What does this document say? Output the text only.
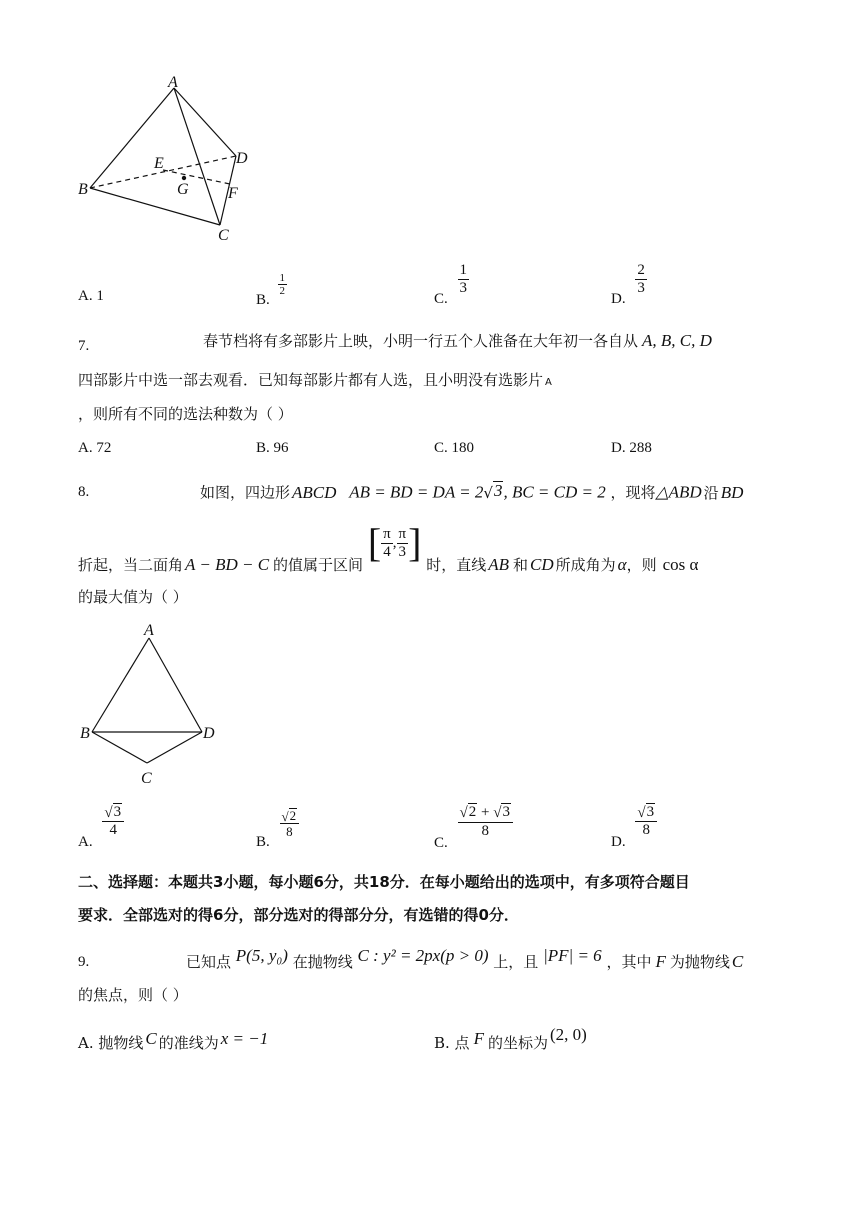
A
B
C
D
E
F
G
A. 1	B.
$\frac{1}{2}$
C.
$\frac{1}{3}$
D.
$\frac{2}{3}$
7.	春节档将有多部影片上映，小明一行五个人准备在大年初一各自从 A, B, C, D
四部影片中选一部去观看．已知每部影片都有人选，且小明没有选影片 A
，则所有不同的选法种数为（ ）
A. 72	B. 96	C. 180	D. 288
8.	如图，四边形 ABCD AB = BD = DA = 2 √ 3 , BC = CD = 2 ，现将△ABD 沿 BD
折起，当二面角 A − BD − C 的值属于区间 [ $\frac{\pi}{4}$ , $\frac{\pi}{3}$ ] 时，直线 AB 和 CD 所成角为 α，则 cos α
的最大值为（ ）
A
B
C
D
A.
$\frac{√ 3}{4}$
B.
$\frac{√ 2}{8}$
C.
$\frac{√ 2 + √ 3}{8}$
D.
$\frac{√ 3}{8}$
二、选择题：本题共3小题，每小题6分，共18分．在每小题给出的选项中，有多项符合题目
要求．全部选对的得6分，部分选对的得部分分，有选错的得0分．
9.	已知点 P(5, y₀) 在抛物线 C : y² = 2px(p > 0) 上，且 |PF| = 6 ，其中 F 为抛物线 C
的焦点，则（ ）
A. 抛物线 C 的准线为 x = −1	B. 点 F 的坐标为 (2, 0)
